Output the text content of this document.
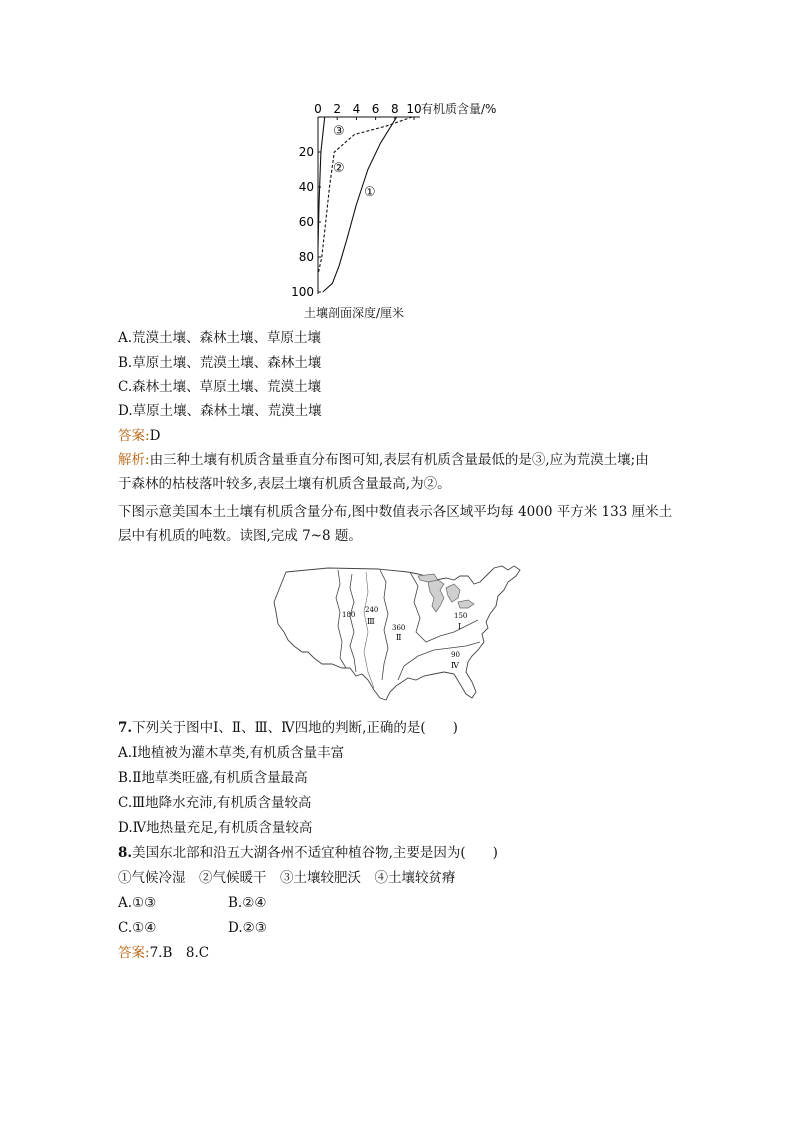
0 2 4 6 8 10
20
40
60
80
100
有机质含量/%
土壤剖面深度/厘米
③
②
①
A.荒漠土壤、森林土壤、草原土壤
B.草原土壤、荒漠土壤、森林土壤
C.森林土壤、草原土壤、荒漠土壤
D.草原土壤、森林土壤、荒漠土壤
答案:D
解析:由三种土壤有机质含量垂直分布图可知,表层有机质含量最低的是③,应为荒漠土壤;由
于森林的枯枝落叶较多,表层土壤有机质含量最高,为②。
下图示意美国本土土壤有机质含量分布,图中数值表示各区域平均每 4000 平方米 133 厘米土
层中有机质的吨数。读图,完成 7~8 题。
180
240
Ⅲ
360
Ⅱ
150
Ⅰ
90
Ⅳ
7.下列关于图中Ⅰ、Ⅱ、Ⅲ、Ⅳ四地的判断,正确的是(　　)
A.Ⅰ地植被为灌木草类,有机质含量丰富
B.Ⅱ地草类旺盛,有机质含量最高
C.Ⅲ地降水充沛,有机质含量较高
D.Ⅳ地热量充足,有机质含量较高
8.美国东北部和沿五大湖各州不适宜种植谷物,主要是因为(　　)
①气候冷湿　②气候暖干　③土壤较肥沃　④土壤较贫瘠
A.①③	B.②④
C.①④	D.②③
答案:7.B　8.C
